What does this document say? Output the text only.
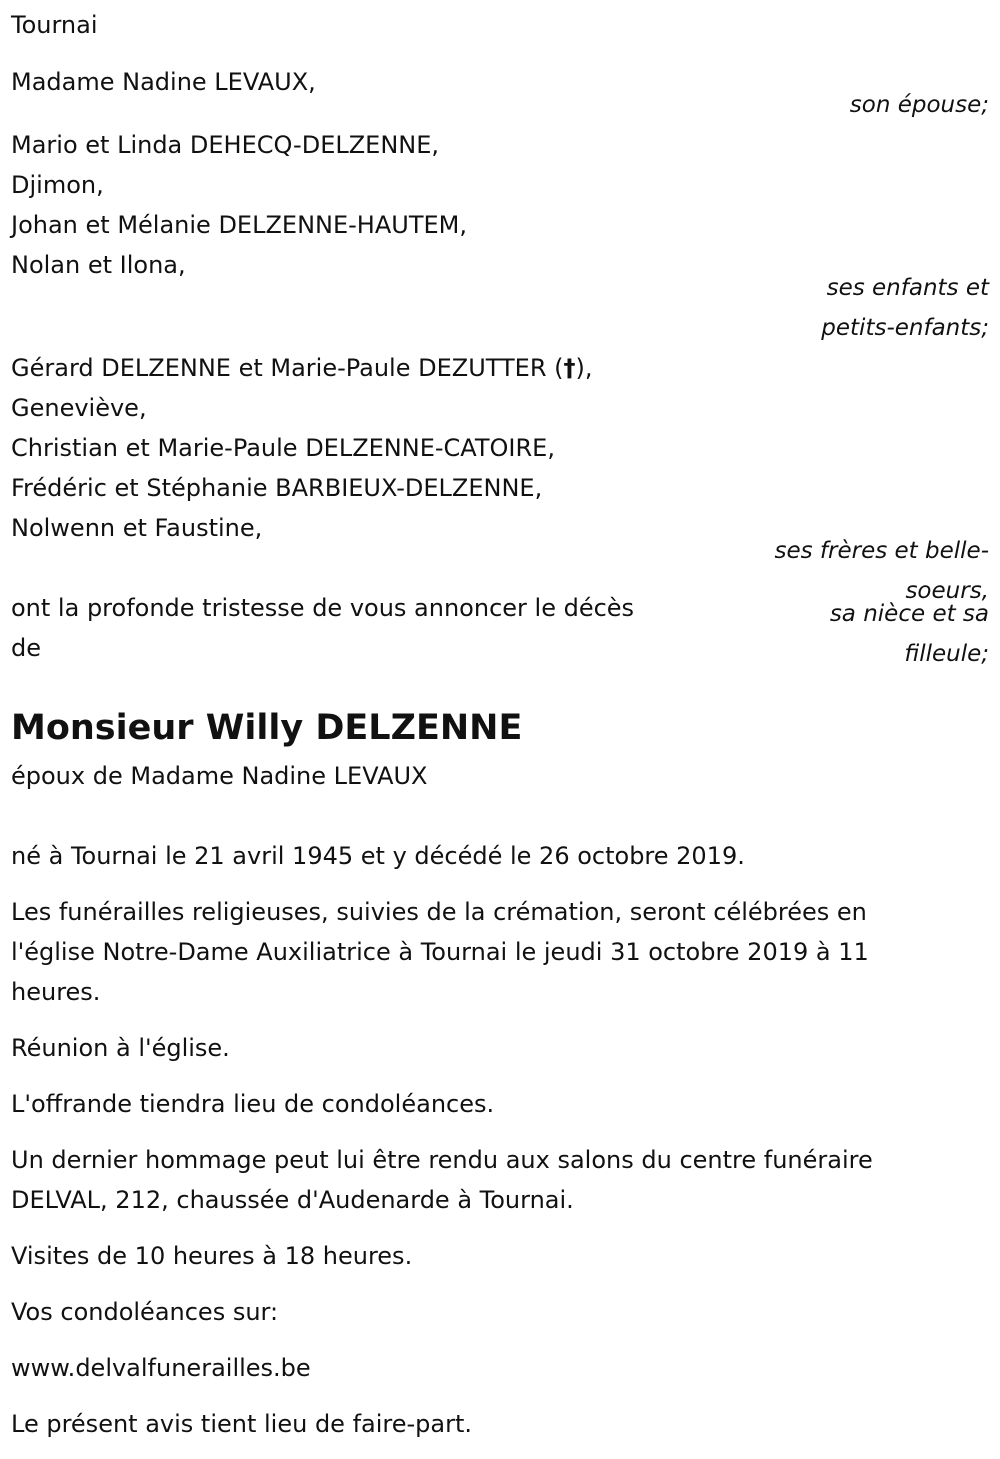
Tournai
Madame Nadine LEVAUX,
son épouse;
Mario et Linda DEHECQ-DELZENNE,
Djimon,
Johan et Mélanie DELZENNE-HAUTEM,
Nolan et Ilona,
ses enfants et
petits-enfants;
Gérard DELZENNE et Marie-Paule DEZUTTER (†),
Geneviève,
Christian et Marie-Paule DELZENNE-CATOIRE,
Frédéric et Stéphanie BARBIEUX-DELZENNE,
Nolwenn et Faustine,
ses frères et belle-
soeurs,
sa nièce et sa
filleule;
ont la profonde tristesse de vous annoncer le décès
de
Monsieur Willy DELZENNE
époux de Madame Nadine LEVAUX
né à Tournai le 21 avril 1945 et y décédé le 26 octobre 2019.
Les funérailles religieuses, suivies de la crémation, seront célébrées en
l'église Notre-Dame Auxiliatrice à Tournai le jeudi 31 octobre 2019 à 11
heures.
Réunion à l'église.
L'offrande tiendra lieu de condoléances.
Un dernier hommage peut lui être rendu aux salons du centre funéraire
DELVAL, 212, chaussée d'Audenarde à Tournai.
Visites de 10 heures à 18 heures.
Vos condoléances sur:
www.delvalfunerailles.be
Le présent avis tient lieu de faire-part.
